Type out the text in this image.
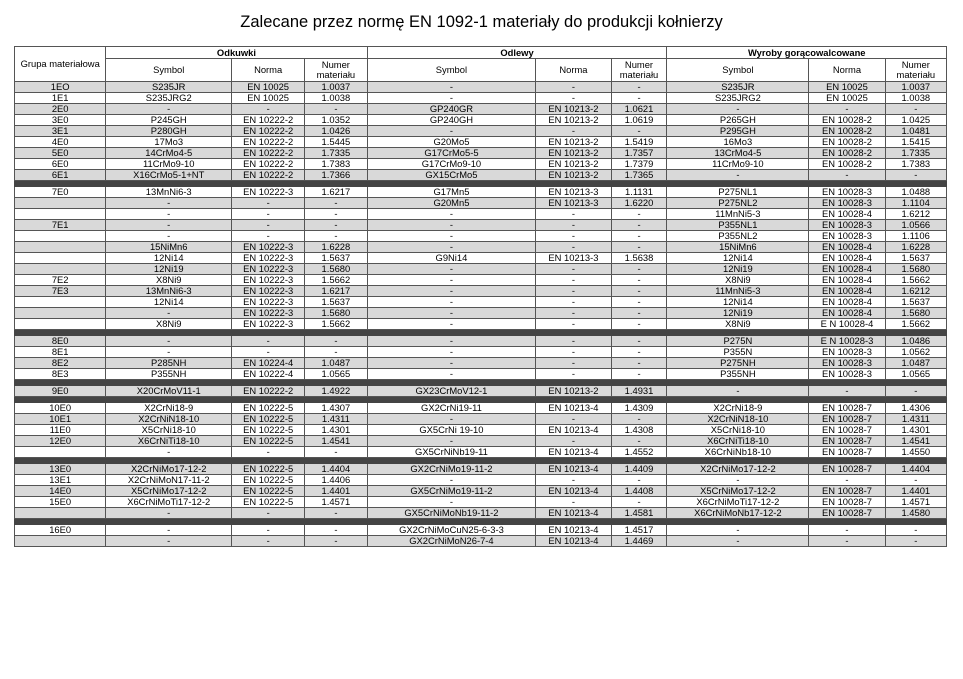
Zalecane przez normę EN 1092-1 materiały do produkcji kołnierzy
Grupa materiałowa	Odkuwki			Odlewy			Wyroby gorącowalcowane		
	Symbol	Norma	Numer materiału	Symbol	Norma	Numer materiału	Symbol	Norma	Numer materiału
1EO	S235JR	EN 10025	1.0037	-	-	-	S235JR	EN 10025	1.0037
1E1	S235JRG2	EN 10025	1.0038	-	-	-	S235JRG2	EN 10025	1.0038
2E0	-	-	-	GP240GR	EN 10213-2	1.0621	-	-	-
3E0	P245GH	EN 10222-2	1.0352	GP240GH	EN 10213-2	1.0619	P265GH	EN 10028-2	1.0425
3E1	P280GH	EN 10222-2	1.0426	-	-	-	P295GH	EN 10028-2	1.0481
4E0	17Mo3	EN 10222-2	1.5445	G20Mo5	EN 10213-2	1.5419	16Mo3	EN 10028-2	1.5415
5E0	14CrMo4-5	EN 10222-2	1.7335	G17CrMo5-5	EN 10213-2	1.7357	13CrMo4-5	EN 10028-2	1.7335
6E0	11CrMo9-10	EN 10222-2	1.7383	G17CrMo9-10	EN 10213-2	1.7379	11CrMo9-10	EN 10028-2	1.7383
6E1	X16CrMo5-1+NT	EN 10222-2	1.7366	GX15CrMo5	EN 10213-2	1.7365	-	-	-

7E0	13MnNi6-3	EN 10222-3	1.6217	G17Mn5	EN 10213-3	1.1131	P275NL1	EN 10028-3	1.0488
	-	-	-	G20Mn5	EN 10213-3	1.6220	P275NL2	EN 10028-3	1.1104
	-	-	-	-	-	-	11MnNi5-3	EN 10028-4	1.6212
7E1	-	-	-	-	-	-	P355NL1	EN 10028-3	1.0566
	-	-	-	-	-	-	P355NL2	EN 10028-3	1.1106
	15NiMn6	EN 10222-3	1.6228	-	-	-	15NiMn6	EN 10028-4	1.6228
	12Ni14	EN 10222-3	1.5637	G9Ni14	EN 10213-3	1.5638	12Ni14	EN 10028-4	1.5637
	12Ni19	EN 10222-3	1.5680	-	-	-	12Ni19	EN 10028-4	1.5680
7E2	X8Ni9	EN 10222-3	1.5662	-	-	-	X8Ni9	EN 10028-4	1.5662
7E3	13MnNi6-3	EN 10222-3	1.6217	-	-	-	11MnNi5-3	EN 10028-4	1.6212
	12Ni14	EN 10222-3	1.5637	-	-	-	12Ni14	EN 10028-4	1.5637
	-	EN 10222-3	1.5680	-	-	-	12Ni19	EN 10028-4	1.5680
	X8Ni9	EN 10222-3	1.5662	-	-	-	X8Ni9	E N 10028-4	1.5662

8E0	-	-	-	-	-	-	P275N	E N 10028-3	1.0486
8E1	-	-	-	-	-	-	P355N	EN 10028-3	1.0562
8E2	P285NH	EN 10224-4	1.0487	-	-	-	P275NH	EN 10028-3	1.0487
8E3	P355NH	EN 10222-4	1.0565	-	-	-	P355NH	EN 10028-3	1.0565

9E0	X20CrMoV11-1	EN 10222-2	1.4922	GX23CrMoV12-1	EN 10213-2	1.4931	-	-	-

10E0	X2CrNi18-9	EN 10222-5	1.4307	GX2CrNi19-11	EN 10213-4	1.4309	X2CrNi18-9	EN 10028-7	1.4306
10E1	X2CrNiN18-10	EN 10222-5	1.4311	-	-	-	X2CrNiN18-10	EN 10028-7	1.4311
11E0	X5CrNi18-10	EN 10222-5	1.4301	GX5CrNi 19-10	EN 10213-4	1.4308	X5CrNi18-10	EN 10028-7	1.4301
12E0	X6CrNiTi18-10	EN 10222-5	1.4541	-	-	-	X6CrNiTi18-10	EN 10028-7	1.4541
	-	-	-	GX5CrNiNb19-11	EN 10213-4	1.4552	X6CrNiNb18-10	EN 10028-7	1.4550

13E0	X2CrNiMo17-12-2	EN 10222-5	1.4404	GX2CrNiMo19-11-2	EN 10213-4	1.4409	X2CrNiMo17-12-2	EN 10028-7	1.4404
13E1	X2CrNiMoN17-11-2	EN 10222-5	1.4406	-	-	-	-	-	-
14E0	X5CrNiMo17-12-2	EN 10222-5	1.4401	GX5CrNiMo19-11-2	EN 10213-4	1.4408	X5CrNiMo17-12-2	EN 10028-7	1.4401
15E0	X6CrNiMoTi17-12-2	EN 10222-5	1.4571	-	-	-	X6CrNiMoTi17-12-2	EN 10028-7	1.4571
	-	-	-	GX5CrNiMoNb19-11-2	EN 10213-4	1.4581	X6CrNiMoNb17-12-2	EN 10028-7	1.4580

16E0	-	-	-	GX2CrNiMoCuN25-6-3-3	EN 10213-4	1.4517	-	-	-
	-	-	-	GX2CrNiMoN26-7-4	EN 10213-4	1.4469	-	-	-
